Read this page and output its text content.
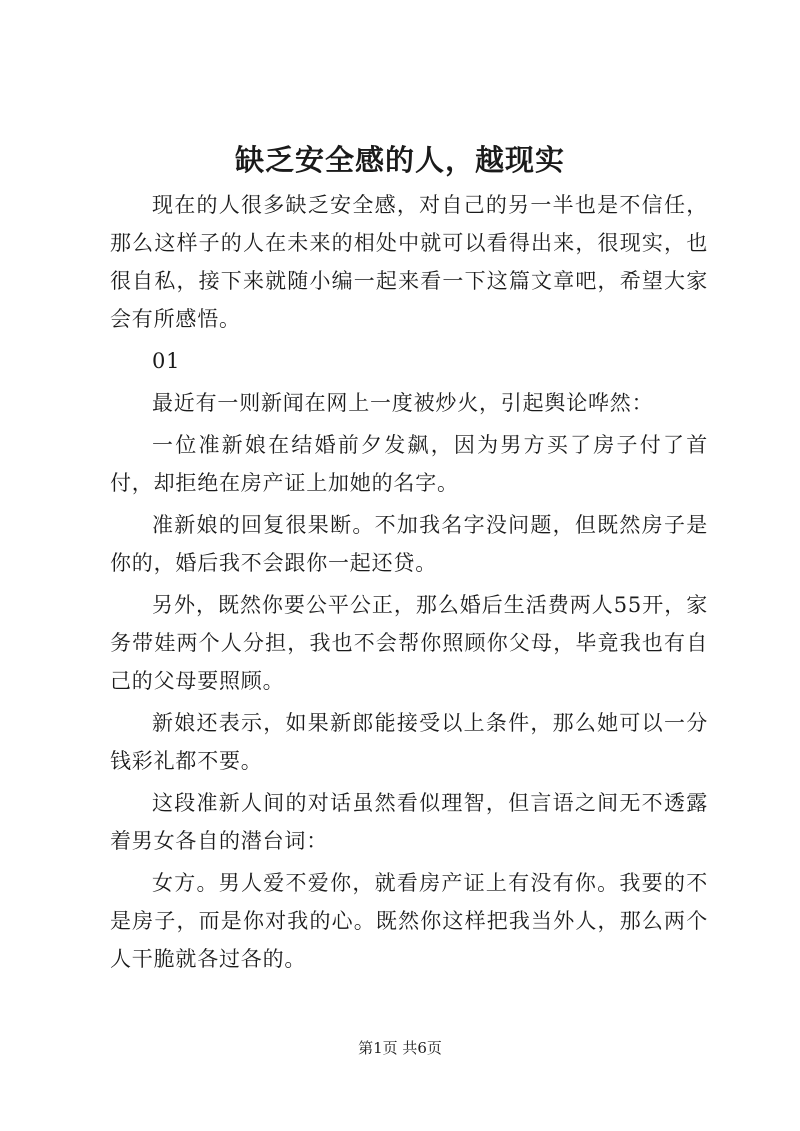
缺乏安全感的人，越现实

现在的人很多缺乏安全感，对自己的另一半也是不信任，那么这样子的人在未来的相处中就可以看得出来，很现实，也很自私，接下来就随小编一起来看一下这篇文章吧，希望大家会有所感悟。

01

最近有一则新闻在网上一度被炒火，引起舆论哗然：

一位准新娘在结婚前夕发飙，因为男方买了房子付了首付，却拒绝在房产证上加她的名字。

准新娘的回复很果断。不加我名字没问题，但既然房子是你的，婚后我不会跟你一起还贷。

另外，既然你要公平公正，那么婚后生活费两人55开，家务带娃两个人分担，我也不会帮你照顾你父母，毕竟我也有自己的父母要照顾。

新娘还表示，如果新郎能接受以上条件，那么她可以一分钱彩礼都不要。

这段准新人间的对话虽然看似理智，但言语之间无不透露着男女各自的潜台词：

女方。男人爱不爱你，就看房产证上有没有你。我要的不是房子，而是你对我的心。既然你这样把我当外人，那么两个人干脆就各过各的。

第1页 共6页
